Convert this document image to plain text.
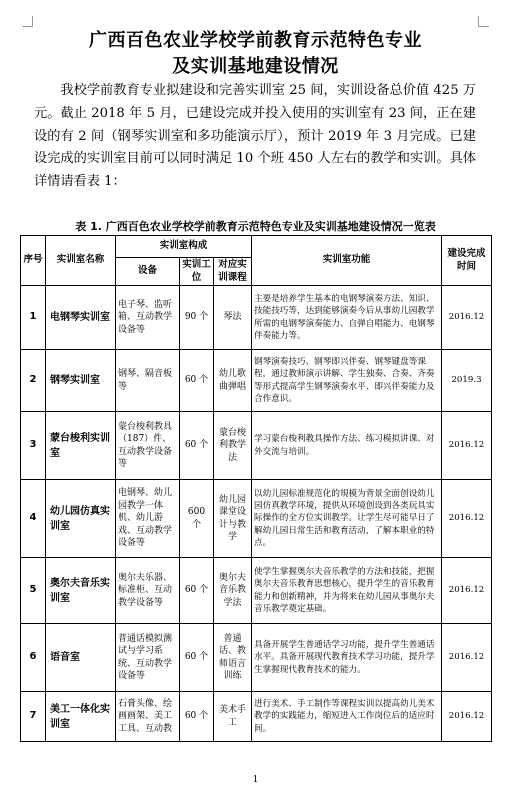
广西百色农业学校学前教育示范特色专业
及实训基地建设情况
我校学前教育专业拟建设和完善实训室 25 间，实训设备总价值 425 万元。截止 2018 年 5 月，已建设完成并投入使用的实训室有 23 间，正在建设的有 2 间（钢琴实训室和多功能演示厅），预计 2019 年 3 月完成。已建设完成的实训室目前可以同时满足 10 个班 450 人左右的教学和实训。具体详情请看表 1：
表 1. 广西百色农业学校学前教育示范特色专业及实训基地建设情况一览表
序号	实训室名称	实训室构成			实训室功能	建设完成时间
		设备	实训工位	对应实训课程		
1	电钢琴实训室	电子琴、监听箱、互动教学设备等	90 个	琴法	主要是培养学生基本的电钢琴演奏方法、知识、技能技巧等，达到能够演奏今后从事幼儿园教学所需的电钢琴演奏能力、自弹自唱能力、电钢琴伴奏能力等。	2016.12
2	钢琴实训室	钢琴、隔音板等	60 个	幼儿歌曲弹唱	钢琴演奏技巧、钢琴即兴伴奏、钢琴键盘等课程，通过教师演示讲解、学生独奏、合奏、齐奏等形式提高学生钢琴演奏水平、即兴伴奏能力及合作意识。	2019.3
3	蒙台梭利实训室	蒙台梭利教具（187）件、互动教学设备等	60 个	蒙台梭利教学法	学习蒙台梭利教具操作方法、练习模拟讲课、对外交流与培训。	2016.12
4	幼儿园仿真实训室	电钢琴、幼儿园教学一体机、幼儿游戏、互动教学设备等	600 个	幼儿园课堂设计与教学	以幼儿园标准规范化的規模为背景全面创设幼儿园仿真教学环境，提供从环境创设到各类玩具实际操作的全方位实训教学。让学生尽可能早日了解幼儿园日常生活和教育活动，了解本职业的特点。	2016.12
5	奥尔夫音乐实训室	奥尔夫乐器、标准柜、互动教学设备等	60 个	奥尔夫音乐教学法	使学生掌握奥尔夫音乐教学的方法和技能，把握奥尔夫音乐教育思想核心，提升学生的音乐教育能力和创新精神，并为将来在幼儿园从事奥尔夫音乐教学奠定基础。	2016.12
6	语音室	普通话模拟测试与学习系统、互动教学设备等	60 个	普通话、教师语言训练	具备开展学生普通话学习功能，提升学生普通话水平。具备开展现代教育技术学习功能，提升学生掌握现代教育技术的能力。	2016.12
7	美工一体化实训室	石膏头像、绘画画架、美工工具、互动教	60 个	美术手工	进行美术、手工制作等课程实训以提高幼儿美术教学的实践能力，缩短进入工作岗位后的适应时间。	2016.12
1
